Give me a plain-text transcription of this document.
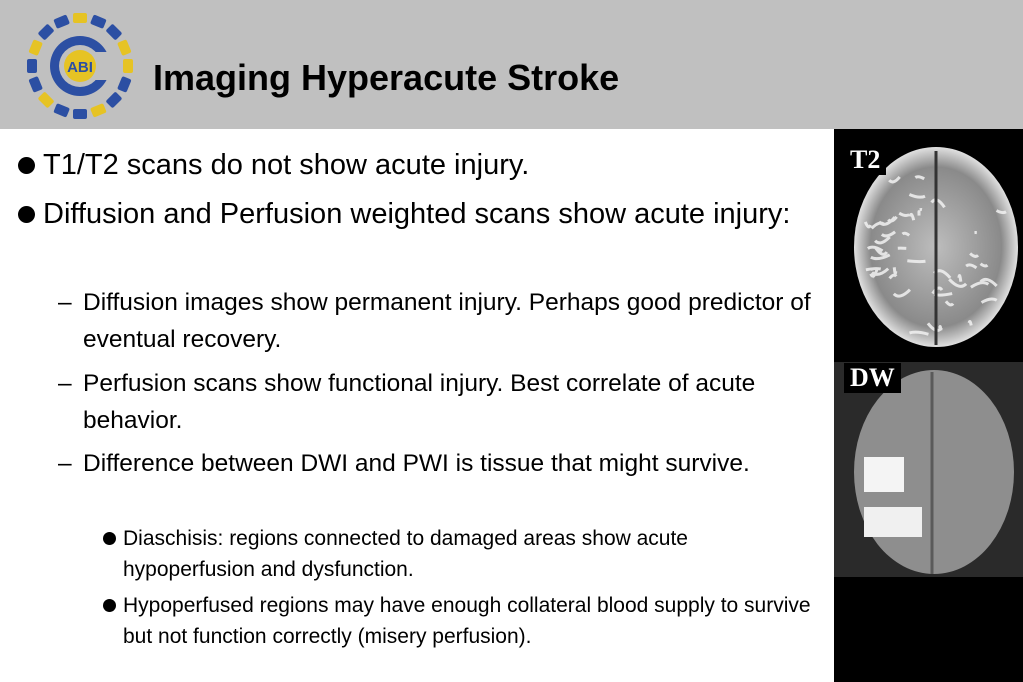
ABI Imaging Hyperacute Stroke
T1/T2 scans do not show acute injury.
Diffusion and Perfusion weighted scans show acute injury:
– Diffusion images show permanent injury. Perhaps good predictor of eventual recovery.
– Perfusion scans show functional injury. Best correlate of acute behavior.
– Difference between DWI and PWI is tissue that might survive.
Diaschisis: regions connected to damaged areas show acute hypoperfusion and dysfunction.
Hypoperfused regions may have enough collateral blood supply to survive but not function correctly (misery perfusion).
T2
DW
